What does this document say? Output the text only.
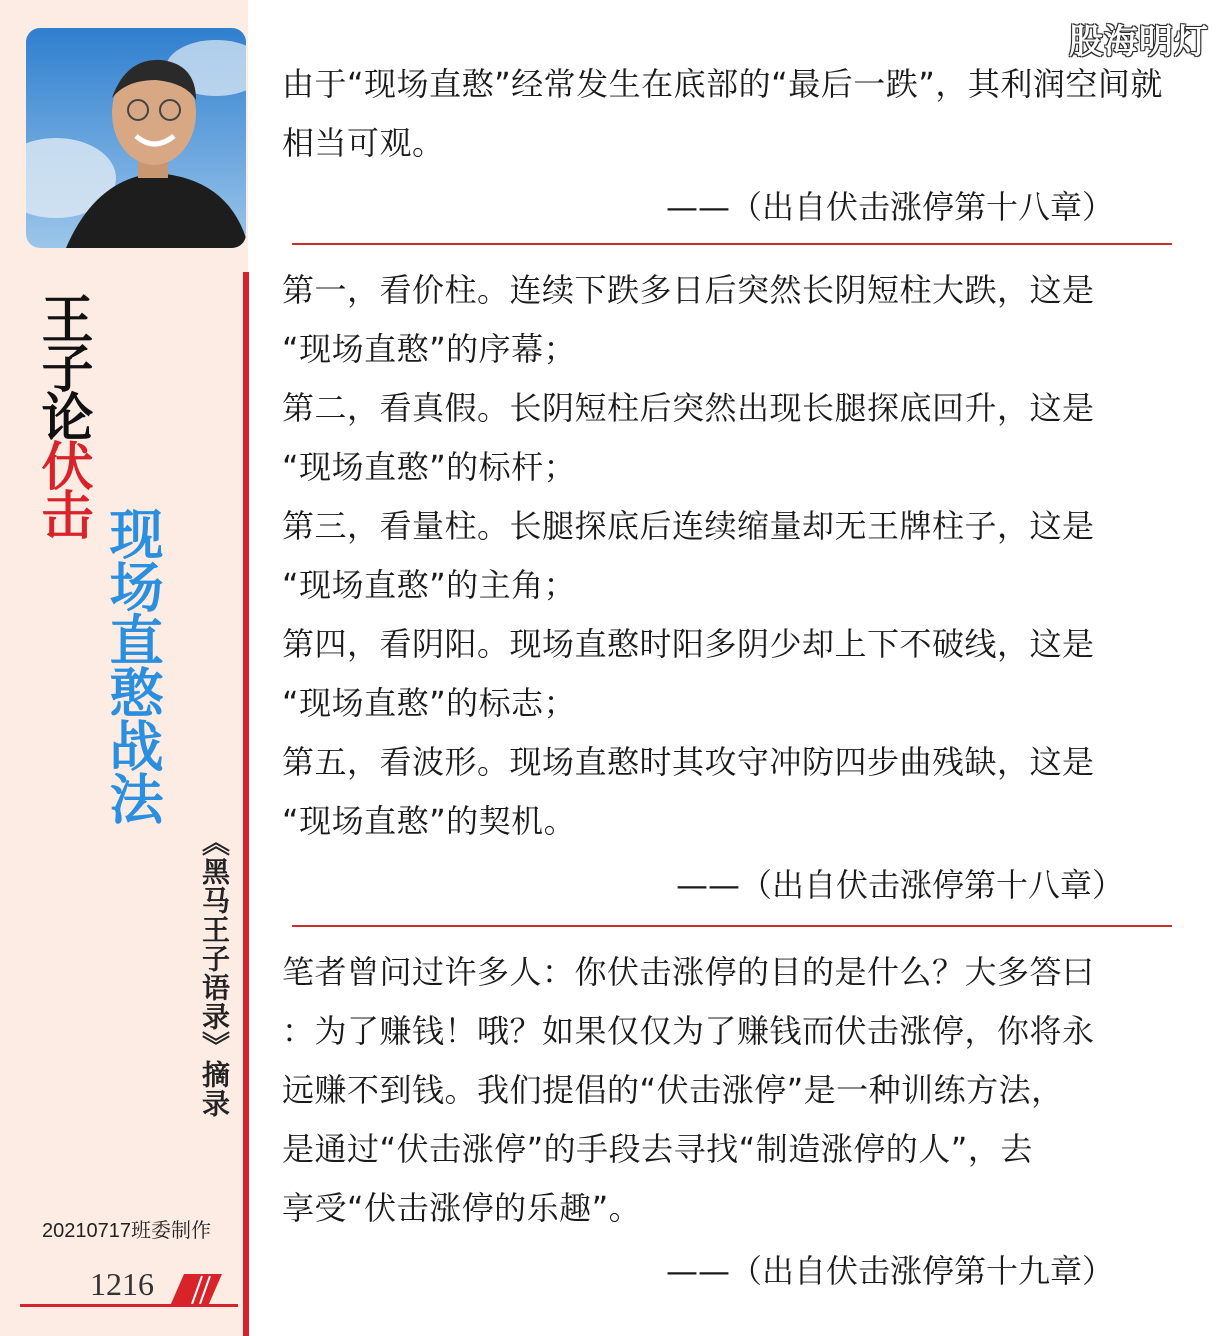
王子论伏击
现场直憨战法
《黑马王子语录》摘录
20210717班委制作
1216
股海明灯
由于“现场直憨”经常发生在底部的“最后一跌”，其利润空间就相当可观。
——（出自伏击涨停第十八章）
第一，看价柱。连续下跌多日后突然长阴短柱大跌，这是
“现场直憨”的序幕；
第二，看真假。长阴短柱后突然出现长腿探底回升，这是
“现场直憨”的标杆；
第三，看量柱。长腿探底后连续缩量却无王牌柱子，这是
“现场直憨”的主角；
第四，看阴阳。现场直憨时阳多阴少却上下不破线，这是
“现场直憨”的标志；
第五，看波形。现场直憨时其攻守冲防四步曲残缺，这是
“现场直憨”的契机。
——（出自伏击涨停第十八章）
笔者曾问过许多人：你伏击涨停的目的是什么？大多答曰
：为了赚钱！哦？如果仅仅为了赚钱而伏击涨停，你将永
远赚不到钱。我们提倡的“伏击涨停”是一种训练方法，
是通过“伏击涨停”的手段去寻找“制造涨停的人”，去
享受“伏击涨停的乐趣”。
——（出自伏击涨停第十九章）
